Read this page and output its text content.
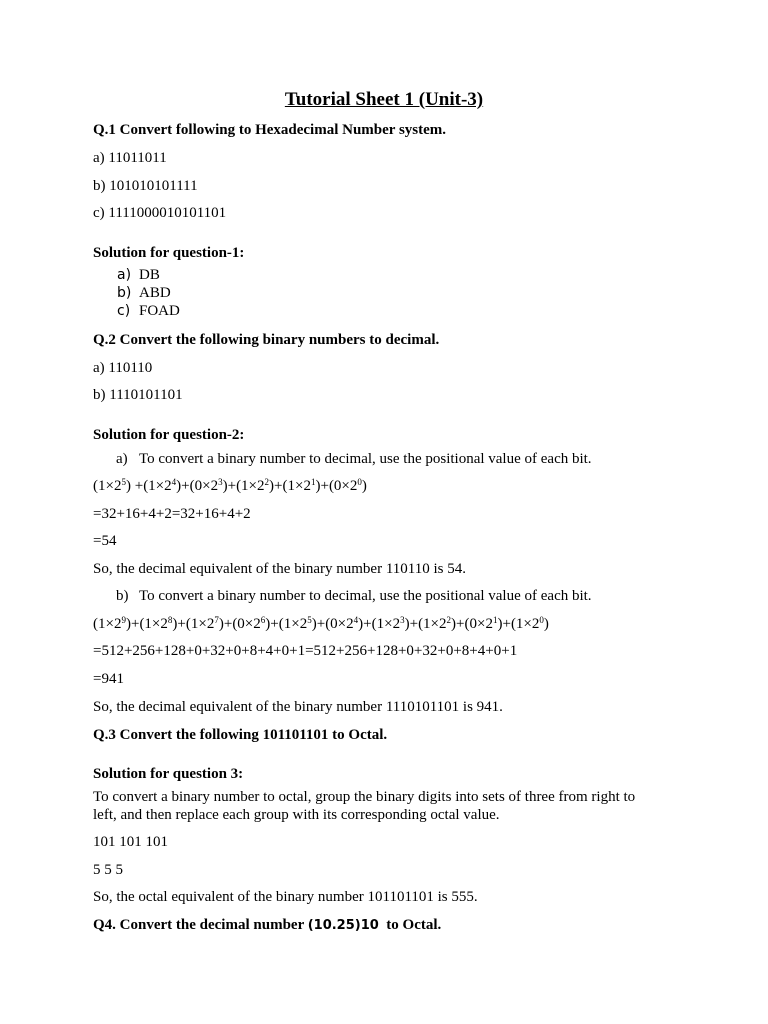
Tutorial Sheet 1 (Unit-3)
Q.1 Convert following to Hexadecimal Number system.
a) 11011011
b) 101010101111
c) 1111000010101101
Solution for question-1:
a) DB
b) ABD
c) FOAD
Q.2 Convert the following binary numbers to decimal.
a) 110110
b) 1110101101
Solution for question-2:
a) To convert a binary number to decimal, use the positional value of each bit.
$(1\times 2^5) +(1\times 2^4)+(0\times 2^3)+(1\times 2^2)+(1\times 2^1)+(0\times 2^0)$
=32+16+4+2=32+16+4+2
=54
So, the decimal equivalent of the binary number 110110 is 54.
b) To convert a binary number to decimal, use the positional value of each bit.
$(1\times 2^9)+(1\times 2^8)+(1\times 2^7)+(0\times 2^6)+(1\times 2^5)+(0\times 2^4)+(1\times 2^3)+(1\times 2^2)+(0\times 2^1)+(1\times 2^0)$
=512+256+128+0+32+0+8+4+0+1=512+256+128+0+32+0+8+4+0+1
=941
So, the decimal equivalent of the binary number 1110101101 is 941.
Q.3 Convert the following 101101101 to Octal.
Solution for question 3:
To convert a binary number to octal, group the binary digits into sets of three from right to
left, and then replace each group with its corresponding octal value.
101 101 101
5 5 5
So, the octal equivalent of the binary number 101101101 is 555.
Q4. Convert the decimal number (10.25)10  to Octal.
